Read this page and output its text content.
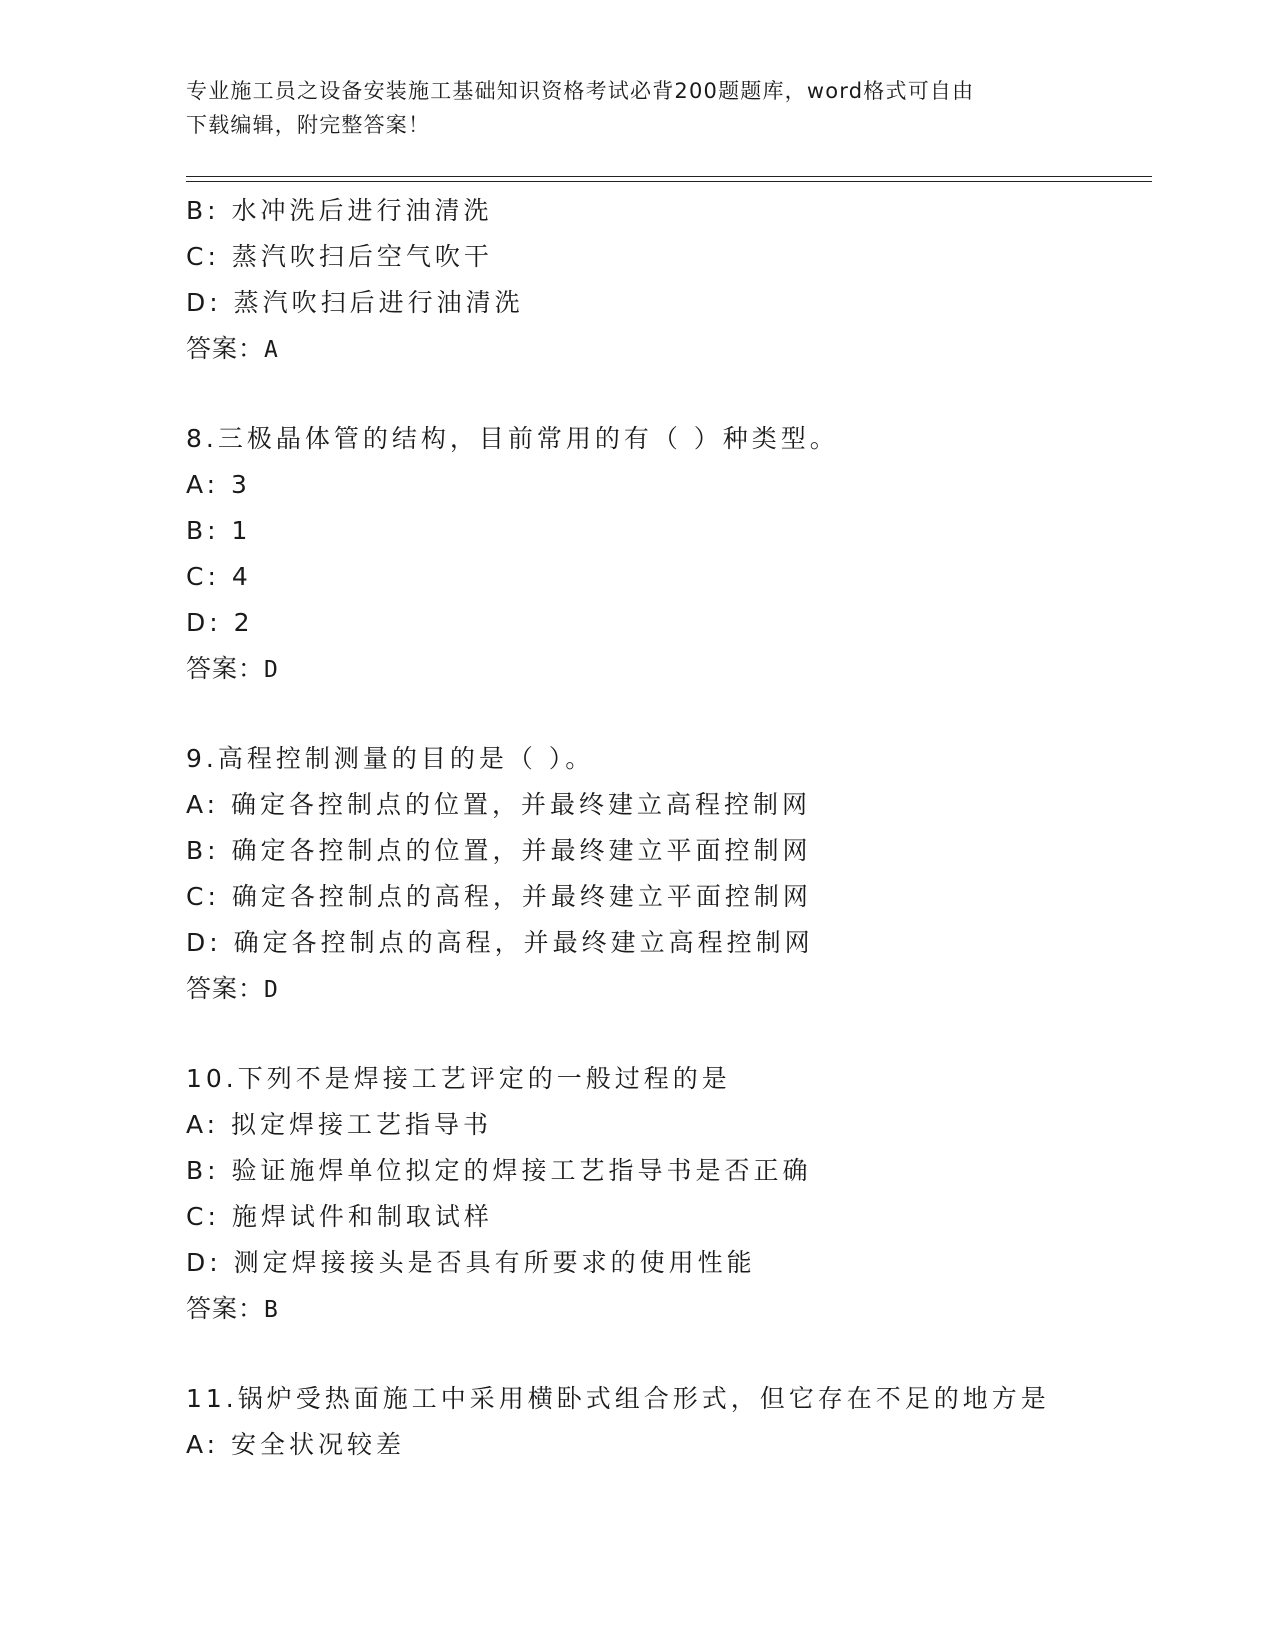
专业施工员之设备安装施工基础知识资格考试必背200题题库，word格式可自由
下载编辑，附完整答案！
B: 水冲洗后进行油清洗
C: 蒸汽吹扫后空气吹干
D: 蒸汽吹扫后进行油清洗
答案：A
8.三极晶体管的结构，目前常用的有（ ）种类型。
A: 3
B: 1
C: 4
D: 2
答案：D
9.高程控制测量的目的是（ ）。
A: 确定各控制点的位置，并最终建立高程控制网
B: 确定各控制点的位置，并最终建立平面控制网
C: 确定各控制点的高程，并最终建立平面控制网
D: 确定各控制点的高程，并最终建立高程控制网
答案：D
10.下列不是焊接工艺评定的一般过程的是
A: 拟定焊接工艺指导书
B: 验证施焊单位拟定的焊接工艺指导书是否正确
C: 施焊试件和制取试样
D: 测定焊接接头是否具有所要求的使用性能
答案：B
11.锅炉受热面施工中采用横卧式组合形式，但它存在不足的地方是
A: 安全状况较差
